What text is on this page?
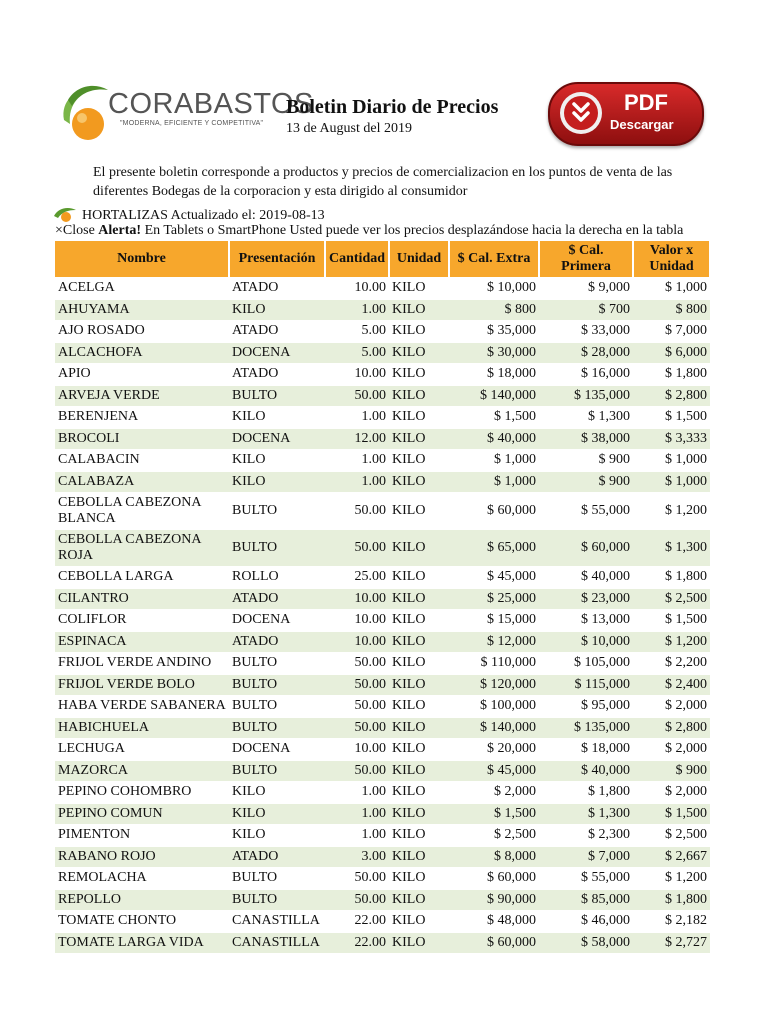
CORABASTOS
"MODERNA, EFICIENTE Y COMPETITIVA"
Boletin Diario de Precios
13 de August del 2019
PDF
Descargar
El presente boletin corresponde a productos y precios de comercializacion en los puntos de venta de las diferentes Bodegas de la corporacion y esta dirigido al consumidor
HORTALIZAS Actualizado el: 2019-08-13
×Close Alerta! En Tablets o SmartPhone Usted puede ver los precios desplazándose hacia la derecha en la tabla
Nombre	Presentación	Cantidad	Unidad	$ Cal. Extra	$ Cal. Primera	Valor x Unidad
ACELGA	ATADO	10.00	KILO	$ 10,000	$ 9,000	$ 1,000
AHUYAMA	KILO	1.00	KILO	$ 800	$ 700	$ 800
AJO ROSADO	ATADO	5.00	KILO	$ 35,000	$ 33,000	$ 7,000
ALCACHOFA	DOCENA	5.00	KILO	$ 30,000	$ 28,000	$ 6,000
APIO	ATADO	10.00	KILO	$ 18,000	$ 16,000	$ 1,800
ARVEJA VERDE	BULTO	50.00	KILO	$ 140,000	$ 135,000	$ 2,800
BERENJENA	KILO	1.00	KILO	$ 1,500	$ 1,300	$ 1,500
BROCOLI	DOCENA	12.00	KILO	$ 40,000	$ 38,000	$ 3,333
CALABACIN	KILO	1.00	KILO	$ 1,000	$ 900	$ 1,000
CALABAZA	KILO	1.00	KILO	$ 1,000	$ 900	$ 1,000
CEBOLLA CABEZONA BLANCA	BULTO	50.00	KILO	$ 60,000	$ 55,000	$ 1,200
CEBOLLA CABEZONA ROJA	BULTO	50.00	KILO	$ 65,000	$ 60,000	$ 1,300
CEBOLLA LARGA	ROLLO	25.00	KILO	$ 45,000	$ 40,000	$ 1,800
CILANTRO	ATADO	10.00	KILO	$ 25,000	$ 23,000	$ 2,500
COLIFLOR	DOCENA	10.00	KILO	$ 15,000	$ 13,000	$ 1,500
ESPINACA	ATADO	10.00	KILO	$ 12,000	$ 10,000	$ 1,200
FRIJOL VERDE ANDINO	BULTO	50.00	KILO	$ 110,000	$ 105,000	$ 2,200
FRIJOL VERDE BOLO	BULTO	50.00	KILO	$ 120,000	$ 115,000	$ 2,400
HABA VERDE SABANERA	BULTO	50.00	KILO	$ 100,000	$ 95,000	$ 2,000
HABICHUELA	BULTO	50.00	KILO	$ 140,000	$ 135,000	$ 2,800
LECHUGA	DOCENA	10.00	KILO	$ 20,000	$ 18,000	$ 2,000
MAZORCA	BULTO	50.00	KILO	$ 45,000	$ 40,000	$ 900
PEPINO COHOMBRO	KILO	1.00	KILO	$ 2,000	$ 1,800	$ 2,000
PEPINO COMUN	KILO	1.00	KILO	$ 1,500	$ 1,300	$ 1,500
PIMENTON	KILO	1.00	KILO	$ 2,500	$ 2,300	$ 2,500
RABANO ROJO	ATADO	3.00	KILO	$ 8,000	$ 7,000	$ 2,667
REMOLACHA	BULTO	50.00	KILO	$ 60,000	$ 55,000	$ 1,200
REPOLLO	BULTO	50.00	KILO	$ 90,000	$ 85,000	$ 1,800
TOMATE CHONTO	CANASTILLA	22.00	KILO	$ 48,000	$ 46,000	$ 2,182
TOMATE LARGA VIDA	CANASTILLA	22.00	KILO	$ 60,000	$ 58,000	$ 2,727
